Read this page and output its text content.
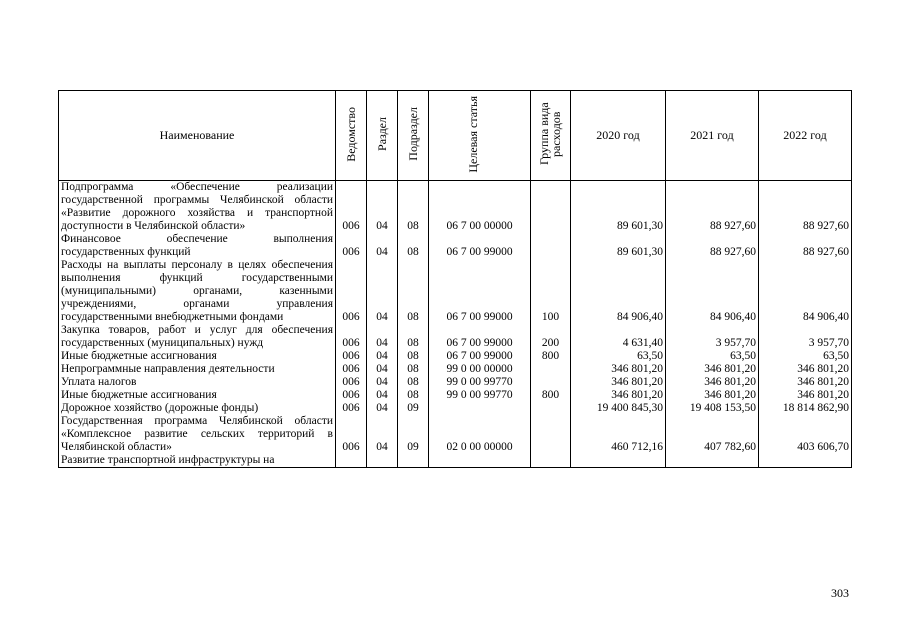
Наименование	Ведомство	Раздел	Подраздел	Целевая статья	Группа вида расходов	2020 год	2021 год	2022 год
Подпрограмма «Обеспечение реализации государственной программы Челябинской области «Развитие дорожного хозяйства и транспортной доступности в Челябинской области»	006	04	08	06 7 00 00000		89 601,30	88 927,60	88 927,60
Финансовое обеспечение выполнения государственных функций	006	04	08	06 7 00 99000		89 601,30	88 927,60	88 927,60
Расходы на выплаты персоналу в целях обеспечения выполнения функций государственными (муниципальными) органами, казенными учреждениями, органами управления государственными внебюджетными фондами	006	04	08	06 7 00 99000	100	84 906,40	84 906,40	84 906,40
Закупка товаров, работ и услуг для обеспечения государственных (муниципальных) нужд	006	04	08	06 7 00 99000	200	4 631,40	3 957,70	3 957,70
Иные бюджетные ассигнования	006	04	08	06 7 00 99000	800	63,50	63,50	63,50
Непрограммные направления деятельности	006	04	08	99 0 00 00000		346 801,20	346 801,20	346 801,20
Уплата налогов	006	04	08	99 0 00 99770		346 801,20	346 801,20	346 801,20
Иные бюджетные ассигнования	006	04	08	99 0 00 99770	800	346 801,20	346 801,20	346 801,20
Дорожное хозяйство (дорожные фонды)	006	04	09			19 400 845,30	19 408 153,50	18 814 862,90
Государственная программа Челябинской области «Комплексное развитие сельских территорий в Челябинской области»	006	04	09	02 0 00 00000		460 712,16	407 782,60	403 606,70
Развитие транспортной инфраструктуры на								
303
